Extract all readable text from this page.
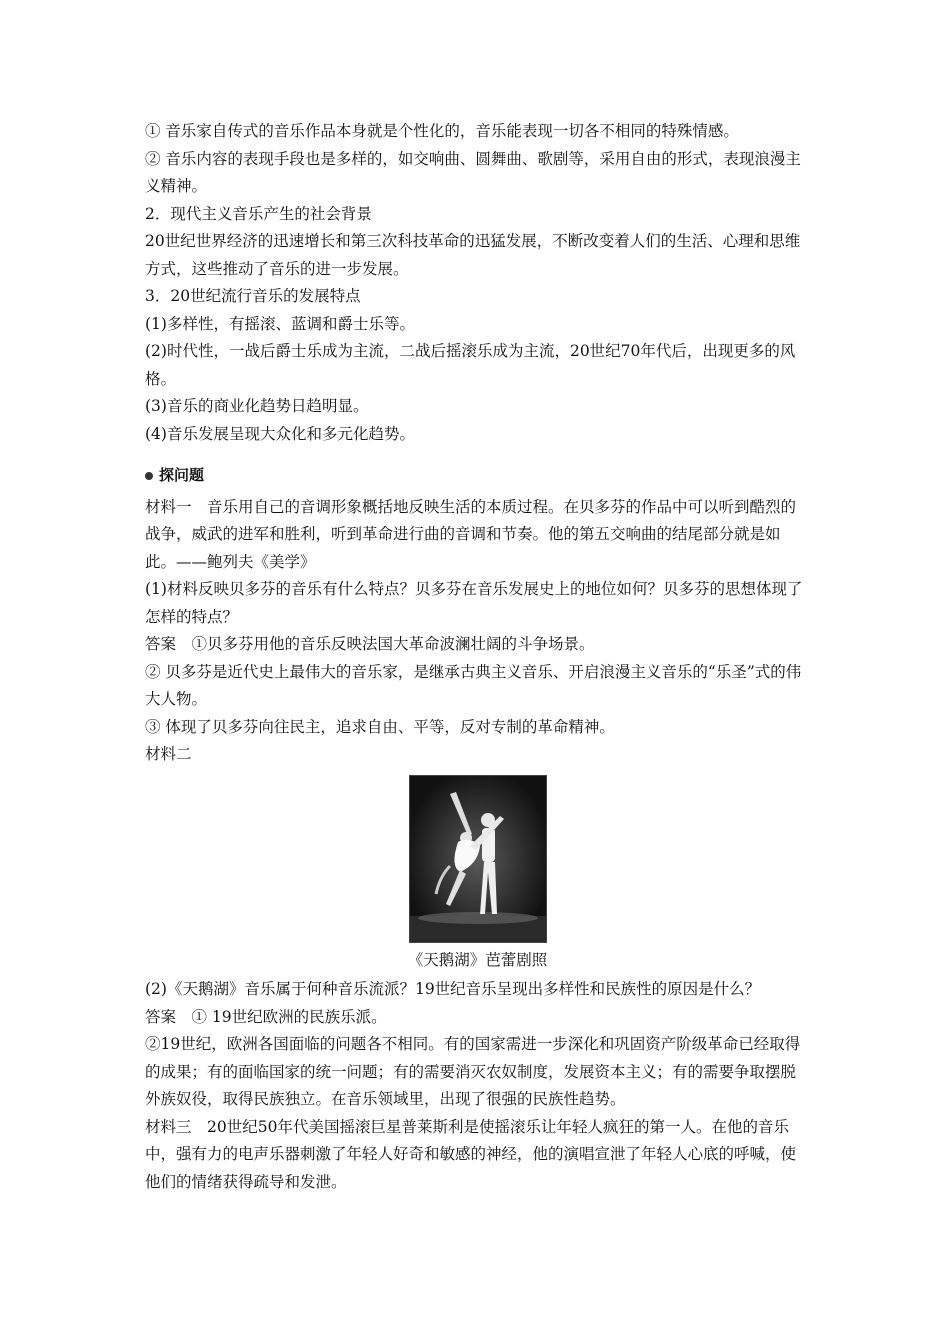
① 音乐家自传式的音乐作品本身就是个性化的，音乐能表现一切各不相同的特殊情感。

② 音乐内容的表现手段也是多样的，如交响曲、圆舞曲、歌剧等，采用自由的形式，表现浪漫主义精神。

2．现代主义音乐产生的社会背景

20世纪世界经济的迅速增长和第三次科技革命的迅猛发展，不断改变着人们的生活、心理和思维方式，这些推动了音乐的进一步发展。

3．20世纪流行音乐的发展特点

(1)多样性，有摇滚、蓝调和爵士乐等。

(2)时代性，一战后爵士乐成为主流，二战后摇滚乐成为主流，20世纪70年代后，出现更多的风格。

(3)音乐的商业化趋势日趋明显。

(4)音乐发展呈现大众化和多元化趋势。

探问题

材料一　音乐用自己的音调形象概括地反映生活的本质过程。在贝多芬的作品中可以听到酷烈的战争，威武的进军和胜利，听到革命进行曲的音调和节奏。他的第五交响曲的结尾部分就是如此。——鲍列夫《美学》

(1)材料反映贝多芬的音乐有什么特点？贝多芬在音乐发展史上的地位如何？贝多芬的思想体现了怎样的特点？

答案　①贝多芬用他的音乐反映法国大革命波澜壮阔的斗争场景。

② 贝多芬是近代史上最伟大的音乐家，是继承古典主义音乐、开启浪漫主义音乐的“乐圣”式的伟大人物。

③ 体现了贝多芬向往民主，追求自由、平等，反对专制的革命精神。

材料二

《天鹅湖》芭蕾剧照

(2)《天鹅湖》音乐属于何种音乐流派？19世纪音乐呈现出多样性和民族性的原因是什么？

答案　① 19世纪欧洲的民族乐派。

②19世纪，欧洲各国面临的问题各不相同。有的国家需进一步深化和巩固资产阶级革命已经取得的成果；有的面临国家的统一问题；有的需要消灭农奴制度，发展资本主义；有的需要争取摆脱外族奴役，取得民族独立。在音乐领域里，出现了很强的民族性趋势。

材料三　20世纪50年代美国摇滚巨星普莱斯利是使摇滚乐让年轻人疯狂的第一人。在他的音乐中，强有力的电声乐器刺激了年轻人好奇和敏感的神经，他的演唱宣泄了年轻人心底的呼喊，使他们的情绪获得疏导和发泄。
